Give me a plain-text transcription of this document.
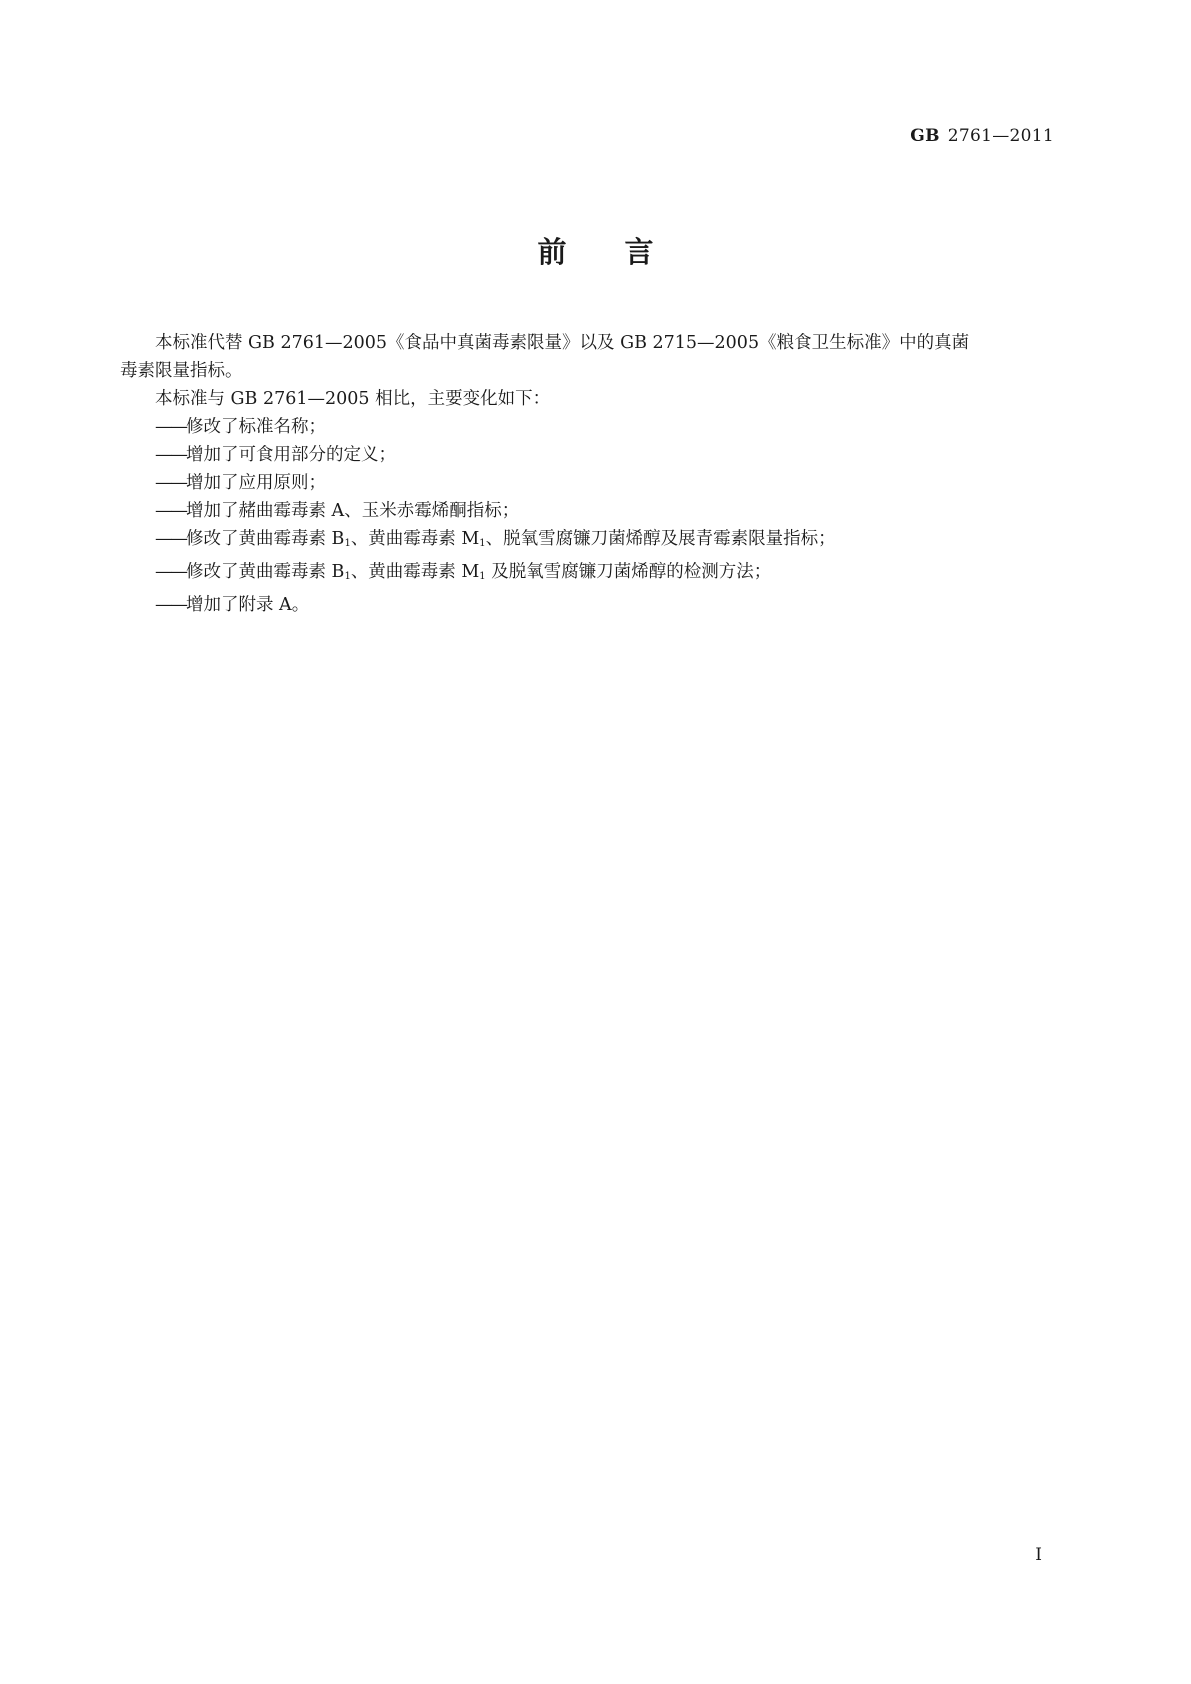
GB 2761—2011
前言

本标准代替 GB 2761—2005《食品中真菌毒素限量》以及 GB 2715—2005《粮食卫生标准》中的真菌
毒素限量指标。

本标准与 GB 2761—2005 相比，主要变化如下：

—— 修改了标准名称；
—— 增加了可食用部分的定义；
—— 增加了应用原则；
—— 增加了赭曲霉毒素 A、玉米赤霉烯酮指标；
—— 修改了黄曲霉毒素 $B_1$、黄曲霉毒素 $M_1$、脱氧雪腐镰刀菌烯醇及展青霉素限量指标；
—— 修改了黄曲霉毒素 $B_1$、黄曲霉毒素 $M_1$ 及脱氧雪腐镰刀菌烯醇的检测方法；
—— 增加了附录 A。
I
